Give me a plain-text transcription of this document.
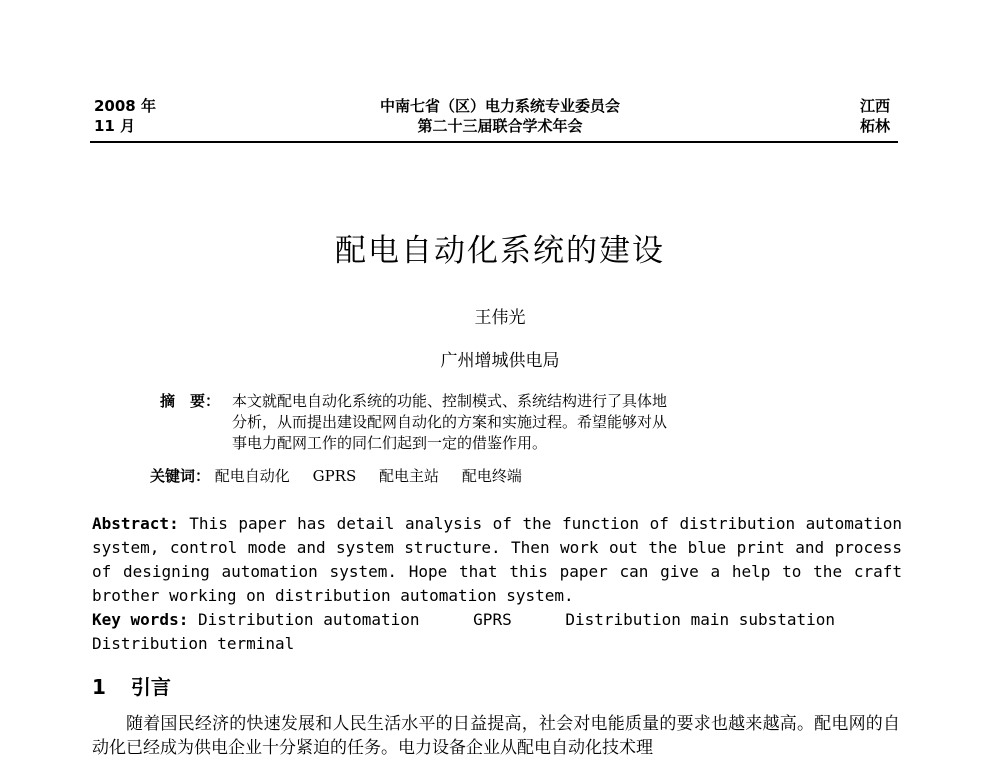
2008 年
11 月
中南七省（区）电力系统专业委员会
第二十三届联合学术年会
江西
柘林
配电自动化系统的建设
王伟光
广州增城供电局
摘　要： 本文就配电自动化系统的功能、控制模式、系统结构进行了具体地
分析，从而提出建设配网自动化的方案和实施过程。希望能够对从
事电力配网工作的同仁们起到一定的借鉴作用。
关键词： 配电自动化 GPRS 配电主站 配电终端
Abstract: This paper has detail analysis of the function of distribution automation system, control mode and system structure. Then work out the blue print and process of designing automation system. Hope that this paper can give a help to the craft brother working on distribution automation system.
Key words: Distribution automation	GPRS	Distribution main substation
Distribution terminal
1 引言
随着国民经济的快速发展和人民生活水平的日益提高，社会对电能质量的要求也越来越高。配电网的自动化已经成为供电企业十分紧迫的任务。电力设备企业从配电自动化技术理
